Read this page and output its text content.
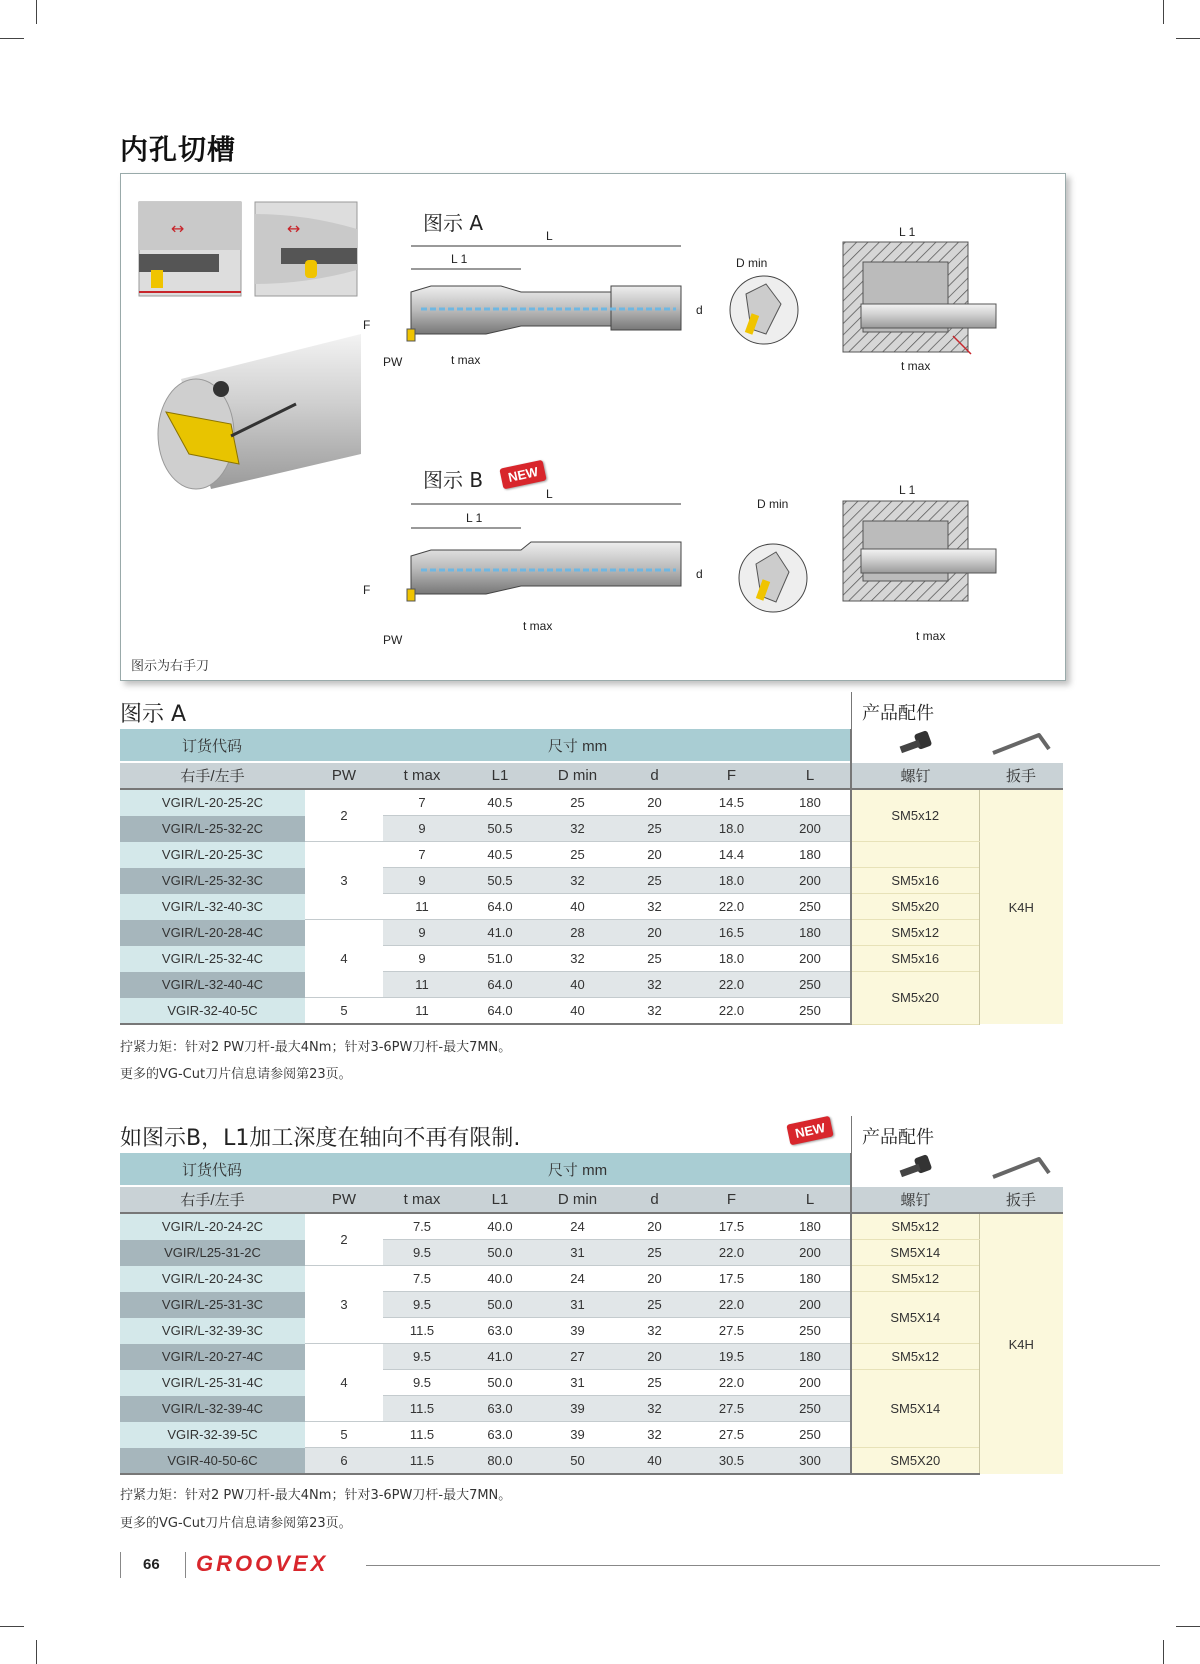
内孔切槽
↔	↔	L
L 1
F
d
PW	t max
D min
L 1
t max
L
L 1
F
d
PW
t max
D min
L 1
t max
图示 A
图示 B	NEW
图示为右手刀
图示 A	产品配件
订货代码	尺寸 mm		
右手/左手	PW	t max	L1	D min	d	F	L	螺钉	扳手
VGIR/L-20-25-2C	2	7	40.5	25	20	14.5	180	SM5x12	K4H
VGIR/L-25-32-2C		9	50.5	32	25	18.0	200		
VGIR/L-20-25-3C	3	7	40.5	25	20	14.4	180		
VGIR/L-25-32-3C		9	50.5	32	25	18.0	200	SM5x16	
VGIR/L-32-40-3C		11	64.0	40	32	22.0	250	SM5x20	
VGIR/L-20-28-4C	4	9	41.0	28	20	16.5	180	SM5x12	
VGIR/L-25-32-4C		9	51.0	32	25	18.0	200	SM5x16	
VGIR/L-32-40-4C		11	64.0	40	32	22.0	250	SM5x20	
VGIR-32-40-5C	5	11	64.0	40	32	22.0	250		
拧紧力矩：针对2 PW刀杆-最大4Nm；针对3-6PW刀杆-最大7MN。
更多的VG-Cut刀片信息请参阅第23页。
如图示B，L1加工深度在轴向不再有限制.	NEW	产品配件
订货代码	尺寸 mm		
右手/左手	PW	t max	L1	D min	d	F	L	螺钉	扳手
VGIR/L-20-24-2C	2	7.5	40.0	24	20	17.5	180	SM5x12	K4H
VGIR/L25-31-2C		9.5	50.0	31	25	22.0	200	SM5X14	
VGIR/L-20-24-3C	3	7.5	40.0	24	20	17.5	180	SM5x12	
VGIR/L-25-31-3C		9.5	50.0	31	25	22.0	200	SM5X14	
VGIR/L-32-39-3C		11.5	63.0	39	32	27.5	250		
VGIR/L-20-27-4C	4	9.5	41.0	27	20	19.5	180	SM5x12	
VGIR/L-25-31-4C		9.5	50.0	31	25	22.0	200	SM5X14	
VGIR/L-32-39-4C		11.5	63.0	39	32	27.5	250		
VGIR-32-39-5C	5	11.5	63.0	39	32	27.5	250		
VGIR-40-50-6C	6	11.5	80.0	50	40	30.5	300	SM5X20	
拧紧力矩：针对2 PW刀杆-最大4Nm；针对3-6PW刀杆-最大7MN。
更多的VG-Cut刀片信息请参阅第23页。
66 GROOVEX
